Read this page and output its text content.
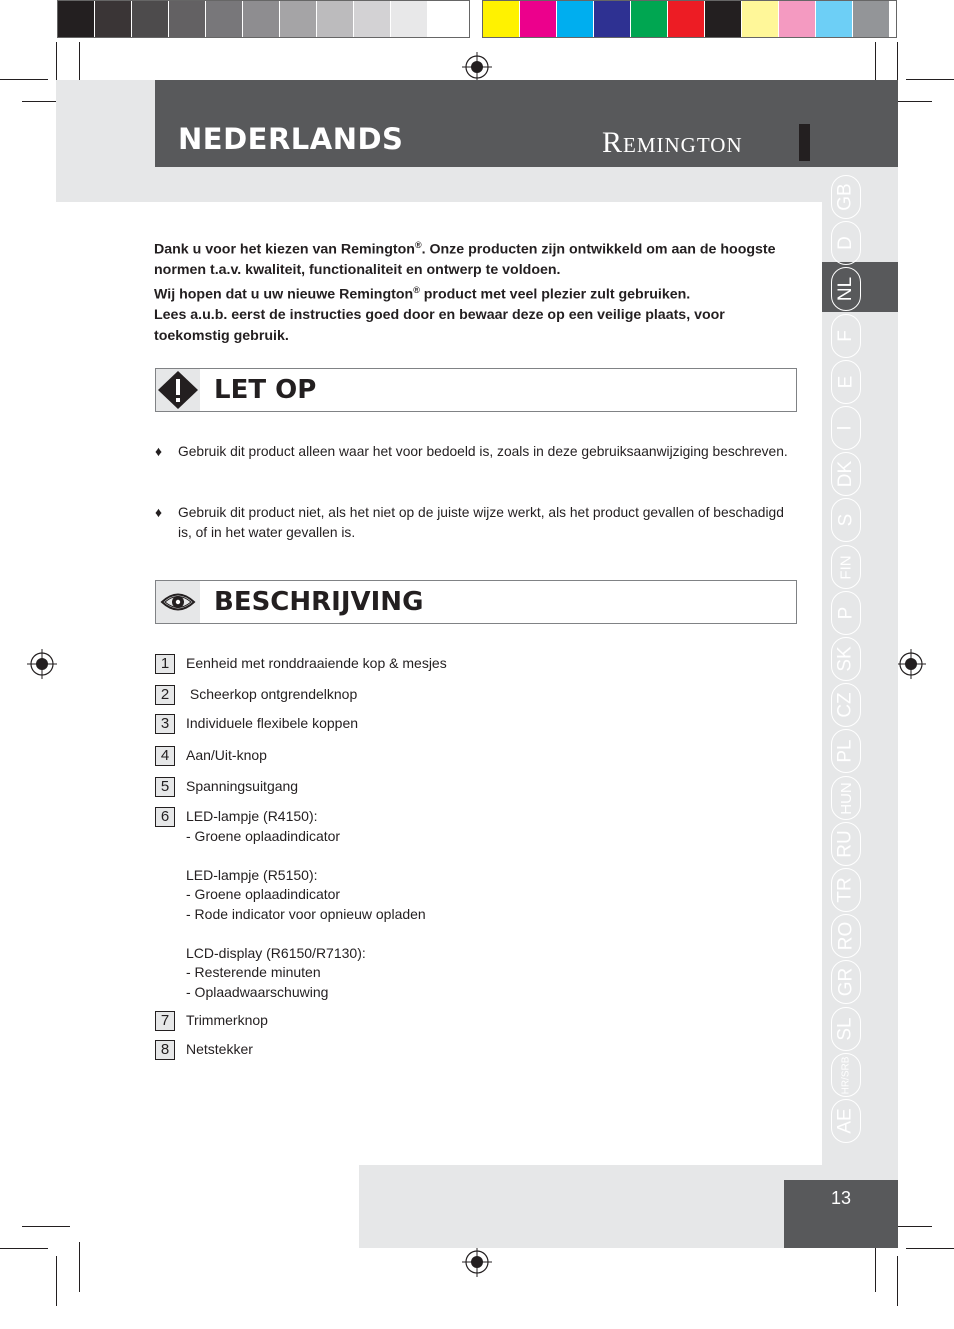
NEDERLANDS	Remington
GB
D
NL
F
E
I
DK
S
FIN
P
SK
CZ
PL
HUN
RU
TR
RO
GR
SL
HR/SRB
AE
13

Dank u voor het kiezen van Remington®. Onze producten zijn ontwikkeld om aan de hoogste normen t.a.v. kwaliteit, functionaliteit en ontwerp te voldoen.

Wij hopen dat u uw nieuwe Remington® product met veel plezier zult gebruiken.

Lees a.u.b. eerst de instructies goed door en bewaar deze op een veilige plaats, voor toekomstig gebruik.

LET OP
♦ Gebruik dit product alleen waar het voor bedoeld is, zoals in deze gebruiksaanwijziging beschreven.
♦ Gebruik dit product niet, als het niet op de juiste wijze werkt, als het product gevallen of beschadigd is, of in het water gevallen is.
BESCHRIJVING
1	Eenheid met ronddraaiende kop & mesjes
2	Scheerkop ontgrendelknop
3	Individuele flexibele koppen
4	Aan/Uit-knop
5	Spanningsuitgang
6	LED-lampje (R4150):
- Groene oplaadindicator

LED-lampje (R5150):
- Groene oplaadindicator
- Rode indicator voor opnieuw opladen

LCD-display (R6150/R7130):
- Resterende minuten
- Oplaadwaarschuwing
7	Trimmerknop
8	Netstekker
